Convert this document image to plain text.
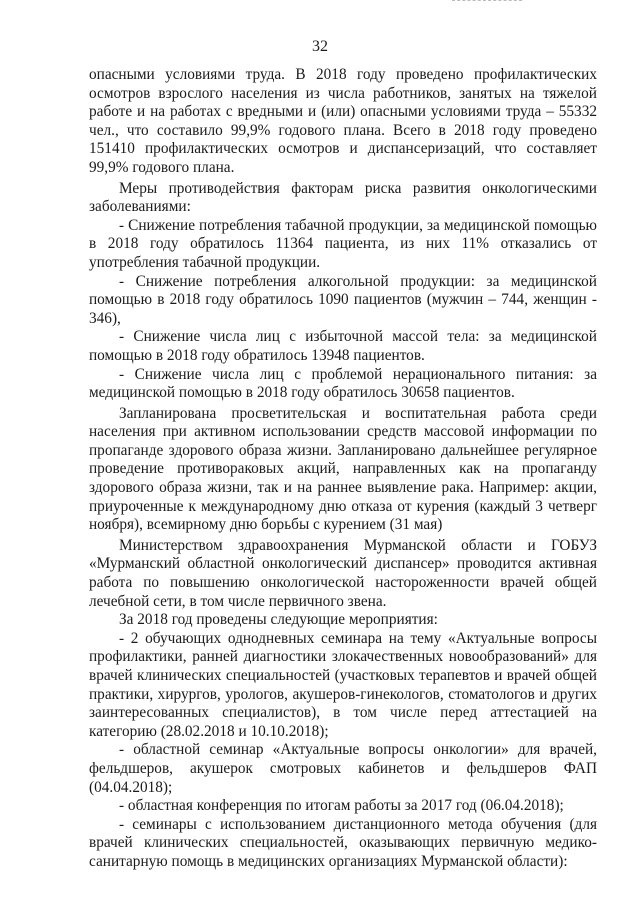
32

опасными условиями труда. В 2018 году проведено профилактических осмотров взрослого населения из числа работников, занятых на тяжелой работе и на работах с вредными и (или) опасными условиями труда – 55332 чел., что составило 99,9% годового плана. Всего в 2018 году проведено 151410 профилактических осмотров и диспансеризаций, что составляет 99,9% годового плана.

Меры противодействия факторам риска развития онкологическими заболеваниями:

- Снижение потребления табачной продукции, за медицинской помощью в 2018 году обратилось 11364 пациента, из них 11% отказались от употребления табачной продукции.

- Снижение потребления алкогольной продукции: за медицинской помощью в 2018 году обратилось 1090 пациентов (мужчин – 744, женщин - 346),

- Снижение числа лиц с избыточной массой тела: за медицинской помощью в 2018 году обратилось 13948 пациентов.

- Снижение числа лиц с проблемой нерационального питания: за медицинской помощью в 2018 году обратилось 30658 пациентов.

Запланирована просветительская и воспитательная работа среди населения при активном использовании средств массовой информации по пропаганде здорового образа жизни. Запланировано дальнейшее регулярное проведение противораковых акций, направленных как на пропаганду здорового образа жизни, так и на раннее выявление рака. Например: акции, приуроченные к международному дню отказа от курения (каждый 3 четверг ноября), всемирному дню борьбы с курением (31 мая)

Министерством здравоохранения Мурманской области и ГОБУЗ «Мурманский областной онкологический диспансер» проводится активная работа по повышению онкологической настороженности врачей общей лечебной сети, в том числе первичного звена.

За 2018 год проведены следующие мероприятия:

- 2 обучающих однодневных семинара на тему «Актуальные вопросы профилактики, ранней диагностики злокачественных новообразований» для врачей клинических специальностей (участковых терапевтов и врачей общей практики, хирургов, урологов, акушеров-гинекологов, стоматологов и других заинтересованных специалистов), в том числе перед аттестацией на категорию (28.02.2018 и 10.10.2018);

- областной семинар «Актуальные вопросы онкологии» для врачей, фельдшеров, акушерок смотровых кабинетов и фельдшеров ФАП (04.04.2018);

- областная конференция по итогам работы за 2017 год (06.04.2018);

- семинары с использованием дистанционного метода обучения (для врачей клинических специальностей, оказывающих первичную медико-санитарную помощь в медицинских организациях Мурманской области):
